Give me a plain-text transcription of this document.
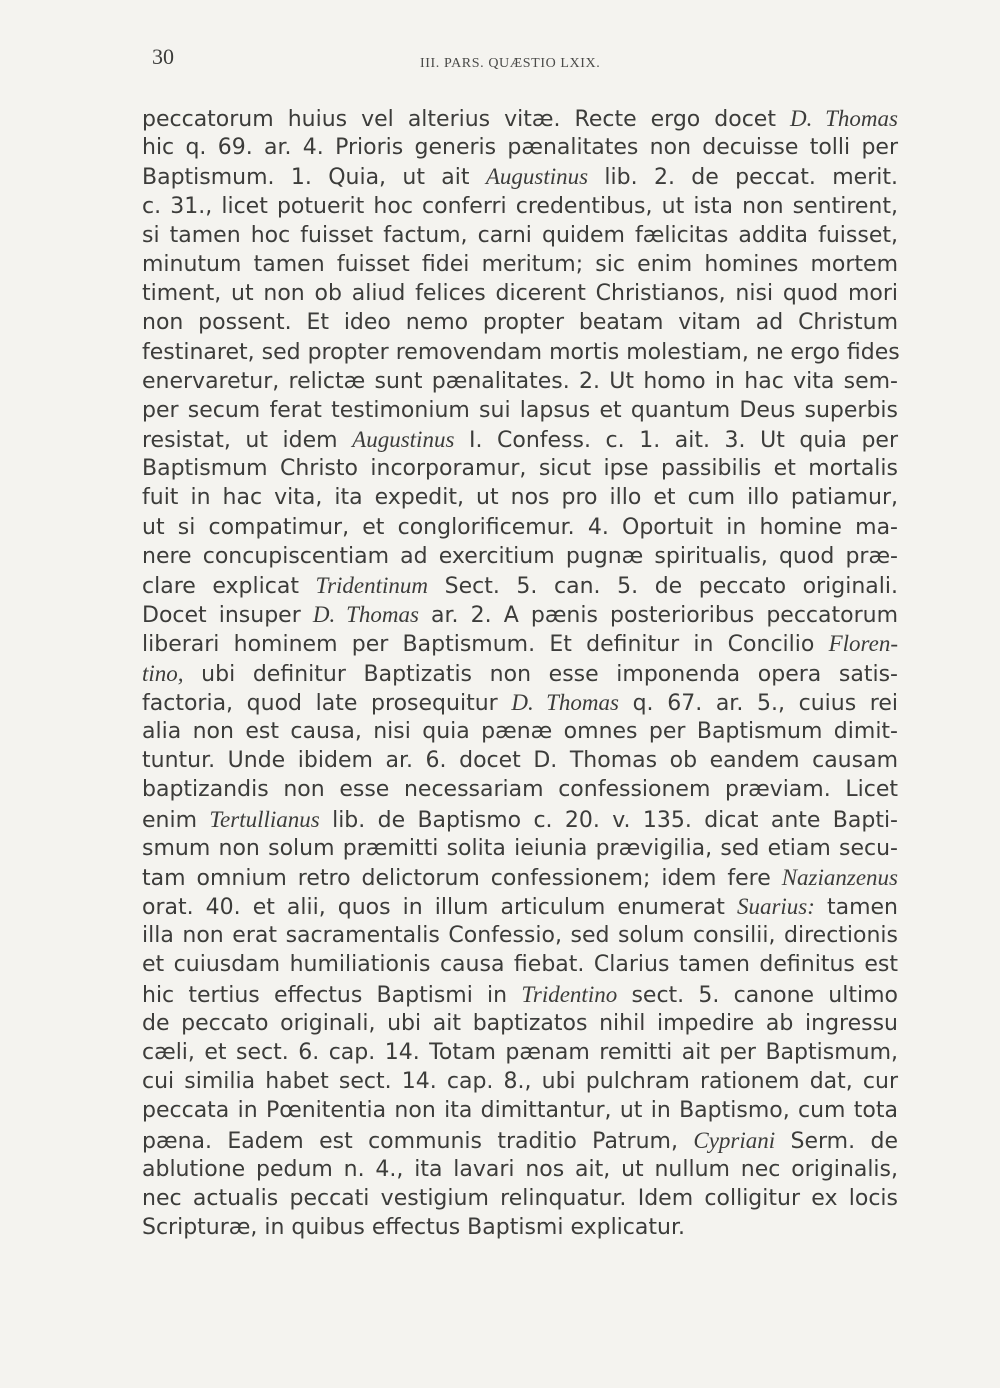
30	III. PARS. QUÆSTIO LXIX.
peccatorum huius vel alterius vitæ. Recte ergo docet D. Thomas
hic q. 69. ar. 4. Prioris generis pænalitates non decuisse tolli per
Baptismum. 1. Quia, ut ait Augustinus lib. 2. de peccat. merit.
c. 31., licet potuerit hoc conferri credentibus, ut ista non sentirent,
si tamen hoc fuisset factum, carni quidem fælicitas addita fuisset,
minutum tamen fuisset fidei meritum; sic enim homines mortem
timent, ut non ob aliud felices dicerent Christianos, nisi quod mori
non possent. Et ideo nemo propter beatam vitam ad Christum
festinaret, sed propter removendam mortis molestiam, ne ergo fides
enervaretur, relictæ sunt pænalitates. 2. Ut homo in hac vita sem-
per secum ferat testimonium sui lapsus et quantum Deus superbis
resistat, ut idem Augustinus I. Confess. c. 1. ait. 3. Ut quia per
Baptismum Christo incorporamur, sicut ipse passibilis et mortalis
fuit in hac vita, ita expedit, ut nos pro illo et cum illo patiamur,
ut si compatimur, et conglorificemur. 4. Oportuit in homine ma-
nere concupiscentiam ad exercitium pugnæ spiritualis, quod præ-
clare explicat Tridentinum Sect. 5. can. 5. de peccato originali.
Docet insuper D. Thomas ar. 2. A pænis posterioribus peccatorum
liberari hominem per Baptismum. Et definitur in Concilio Floren-
tino, ubi definitur Baptizatis non esse imponenda opera satis-
factoria, quod late prosequitur D. Thomas q. 67. ar. 5., cuius rei
alia non est causa, nisi quia pænæ omnes per Baptismum dimit-
tuntur. Unde ibidem ar. 6. docet D. Thomas ob eandem causam
baptizandis non esse necessariam confessionem præviam. Licet
enim Tertullianus lib. de Baptismo c. 20. v. 135. dicat ante Bapti-
smum non solum præmitti solita ieiunia prævigilia, sed etiam secu-
tam omnium retro delictorum confessionem; idem fere Nazianzenus
orat. 40. et alii, quos in illum articulum enumerat Suarius: tamen
illa non erat sacramentalis Confessio, sed solum consilii, directionis
et cuiusdam humiliationis causa fiebat. Clarius tamen definitus est
hic tertius effectus Baptismi in Tridentino sect. 5. canone ultimo
de peccato originali, ubi ait baptizatos nihil impedire ab ingressu
cæli, et sect. 6. cap. 14. Totam pænam remitti ait per Baptismum,
cui similia habet sect. 14. cap. 8., ubi pulchram rationem dat, cur
peccata in Pœnitentia non ita dimittantur, ut in Baptismo, cum tota
pæna. Eadem est communis traditio Patrum, Cypriani Serm. de
ablutione pedum n. 4., ita lavari nos ait, ut nullum nec originalis,
nec actualis peccati vestigium relinquatur. Idem colligitur ex locis
Scripturæ, in quibus effectus Baptismi explicatur.
